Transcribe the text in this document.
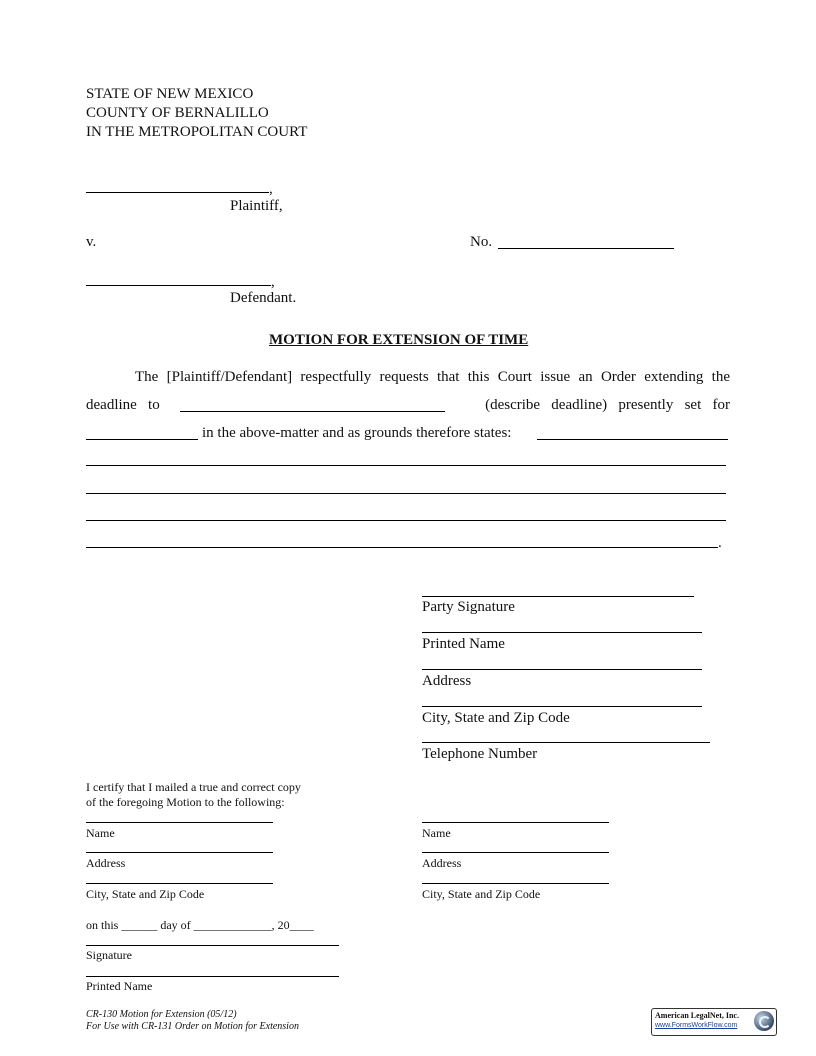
STATE OF NEW MEXICO
COUNTY OF BERNALILLO
IN THE METROPOLITAN COURT
,
Plaintiff,
v.	No.
,
Defendant.
MOTION FOR EXTENSION OF TIME
The [Plaintiff/Defendant] respectfully requests that this Court issue an Order extending the
deadline   to	(describe   deadline)   presently   set   for
in the above-matter and as grounds therefore states:
.
Party Signature
Printed Name
Address
City, State and Zip Code
Telephone Number
I certify that I mailed a true and correct copy
of the foregoing Motion to the following:
Name
Address
City, State and Zip Code
Name
Address
City, State and Zip Code
on this ______ day of _____________, 20____
Signature
Printed Name
CR-130 Motion for Extension (05/12)
For Use with CR-131 Order on Motion for Extension
American LegalNet, Inc.
www.FormsWorkFlow.com
